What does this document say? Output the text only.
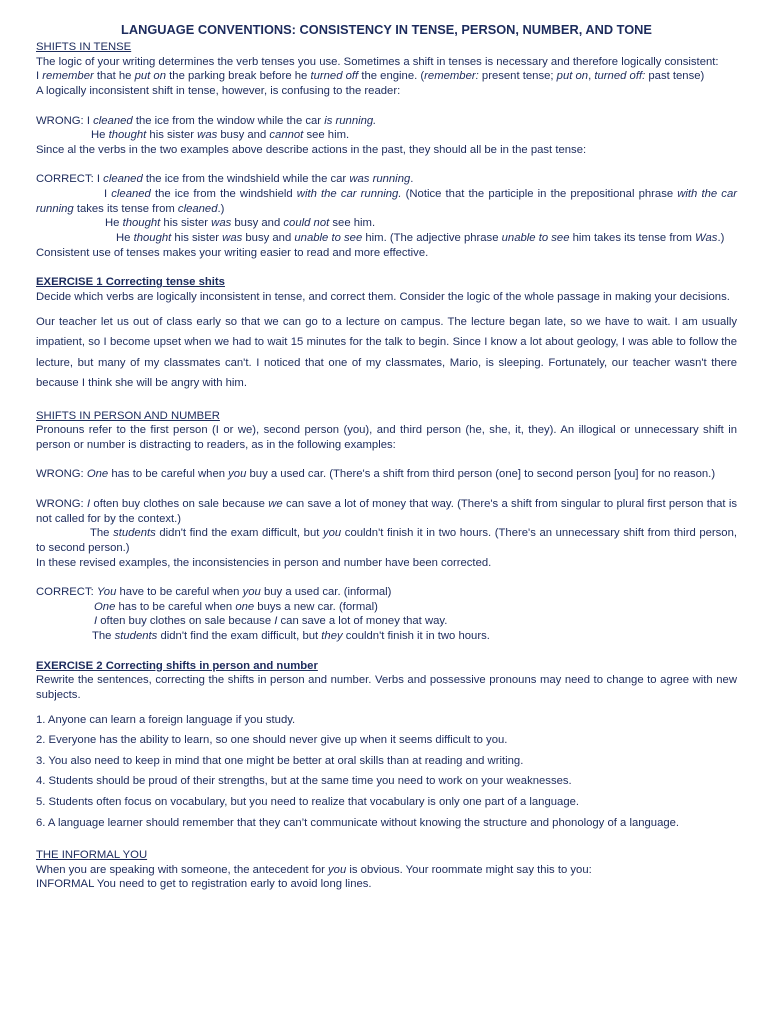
LANGUAGE CONVENTIONS: CONSISTENCY IN TENSE, PERSON, NUMBER, AND TONE

SHIFTS IN TENSE

The logic of your writing determines the verb tenses you use. Sometimes a shift in tenses is necessary and therefore logically consistent:

I remember that he put on the parking break before he turned off the engine. (remember: present tense; put on, turned off: past tense)

A logically inconsistent shift in tense, however, is confusing to the reader:

WRONG: I cleaned the ice from the window while the car is running.

He thought his sister was busy and cannot see him.

Since al the verbs in the two examples above describe actions in the past, they should all be in the past tense:

CORRECT: I cleaned the ice from the windshield while the car was running.

I cleaned the ice from the windshield with the car running. (Notice that the participle in the prepositional phrase with the car running takes its tense from cleaned.)

He thought his sister was busy and could not see him.

He thought his sister was busy and unable to see him. (The adjective phrase unable to see him takes its tense from Was.)

Consistent use of tenses makes your writing easier to read and more effective.

EXERCISE 1 Correcting tense shits

Decide which verbs are logically inconsistent in tense, and correct them. Consider the logic of the whole passage in making your decisions.

Our teacher let us out of class early so that we can go to a lecture on campus. The lecture began late, so we have to wait. I am usually impatient, so I become upset when we had to wait 15 minutes for the talk to begin. Since I know a lot about geology, I was able to follow the lecture, but many of my classmates can't. I noticed that one of my classmates, Mario, is sleeping. Fortunately, our teacher wasn't there because I think she will be angry with him.

SHIFTS IN PERSON AND NUMBER

Pronouns refer to the first person (I or we), second person (you), and third person (he, she, it, they). An illogical or unnecessary shift in person or number is distracting to readers, as in the following examples:

WRONG: One has to be careful when you buy a used car. (There's a shift from third person (one] to second person [you] for no reason.)

WRONG: I often buy clothes on sale because we can save a lot of money that way. (There's a shift from singular to plural first person that is not called for by the context.)

The students didn't find the exam difficult, but you couldn't finish it in two hours. (There's an unnecessary shift from third person, to second person.)

In these revised examples, the inconsistencies in person and number have been corrected.

CORRECT: You have to be careful when you buy a used car. (informal)

One has to be careful when one buys a new car. (formal)

I often buy clothes on sale because I can save a lot of money that way.

The students didn't find the exam difficult, but they couldn't finish it in two hours.

EXERCISE 2 Correcting shifts in person and number

Rewrite the sentences, correcting the shifts in person and number. Verbs and possessive pronouns may need to change to agree with new subjects.

1. Anyone can learn a foreign language if you study.

2. Everyone has the ability to learn, so one should never give up when it seems difficult to you.

3. You also need to keep in mind that one might be better at oral skills than at reading and writing.

4. Students should be proud of their strengths, but at the same time you need to work on your weaknesses.

5. Students often focus on vocabulary, but you need to realize that vocabulary is only one part of a language.

6. A language learner should remember that they can’t communicate without knowing the structure and phonology of a language.

THE INFORMAL YOU

When you are speaking with someone, the antecedent for you is obvious. Your roommate might say this to you:

INFORMAL You need to get to registration early to avoid long lines.
